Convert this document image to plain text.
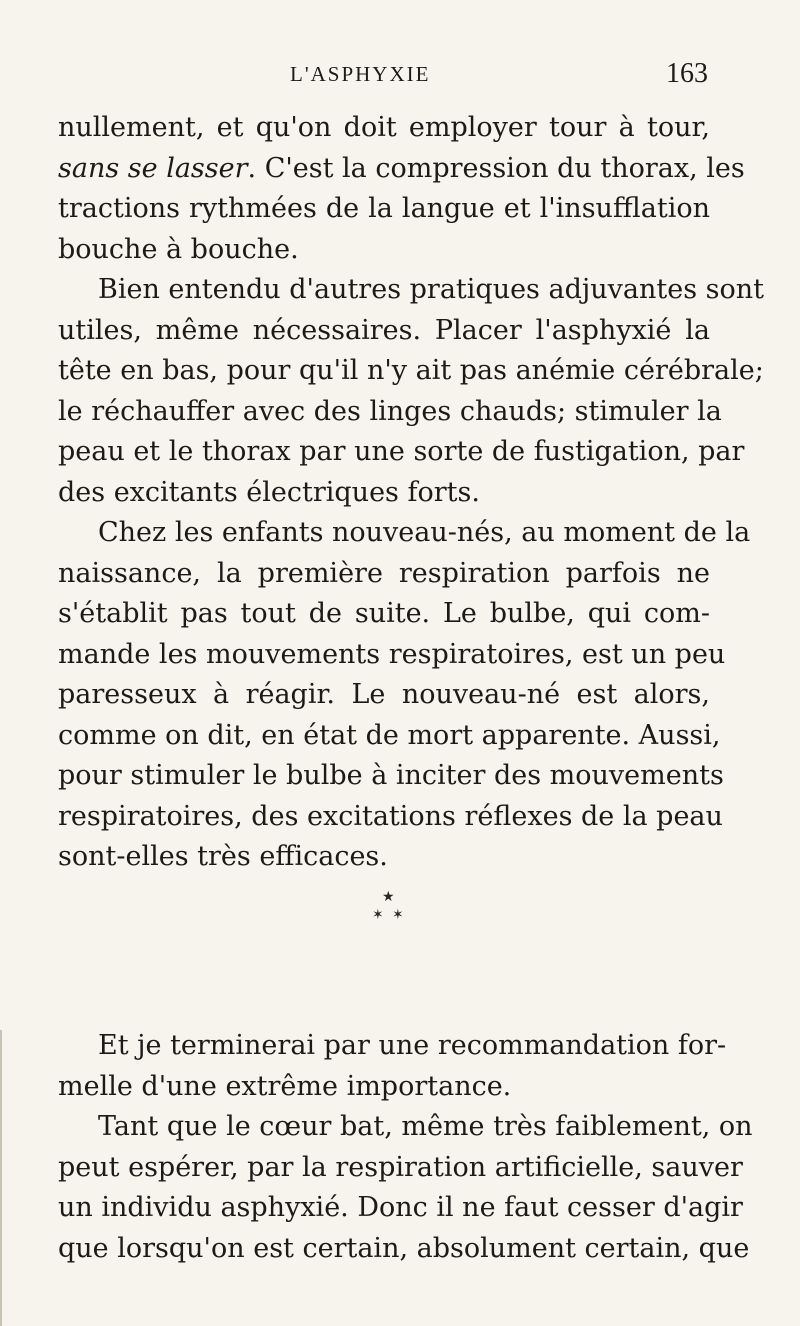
L'ASPHYXIE	163

nullement, et qu'on doit employer tour à tour,
sans se lasser. C'est la compression du thorax, les
tractions rythmées de la langue et l'insufflation
bouche à bouche.

Bien entendu d'autres pratiques adjuvantes sont
utiles, même nécessaires. Placer l'asphyxié la
tête en bas, pour qu'il n'y ait pas anémie cérébrale;
le réchauffer avec des linges chauds; stimuler la
peau et le thorax par une sorte de fustigation, par
des excitants électriques forts.

Chez les enfants nouveau-nés, au moment de la
naissance, la première respiration parfois ne
s'établit pas tout de suite. Le bulbe, qui com-
mande les mouvements respiratoires, est un peu
paresseux à réagir. Le nouveau-né est alors,
comme on dit, en état de mort apparente. Aussi,
pour stimuler le bulbe à inciter des mouvements
respiratoires, des excitations réflexes de la peau
sont-elles très efficaces.

★
✶ ✶

Et je terminerai par une recommandation for-
melle d'une extrême importance.

Tant que le cœur bat, même très faiblement, on
peut espérer, par la respiration artificielle, sauver
un individu asphyxié. Donc il ne faut cesser d'agir
que lorsqu'on est certain, absolument certain, que
